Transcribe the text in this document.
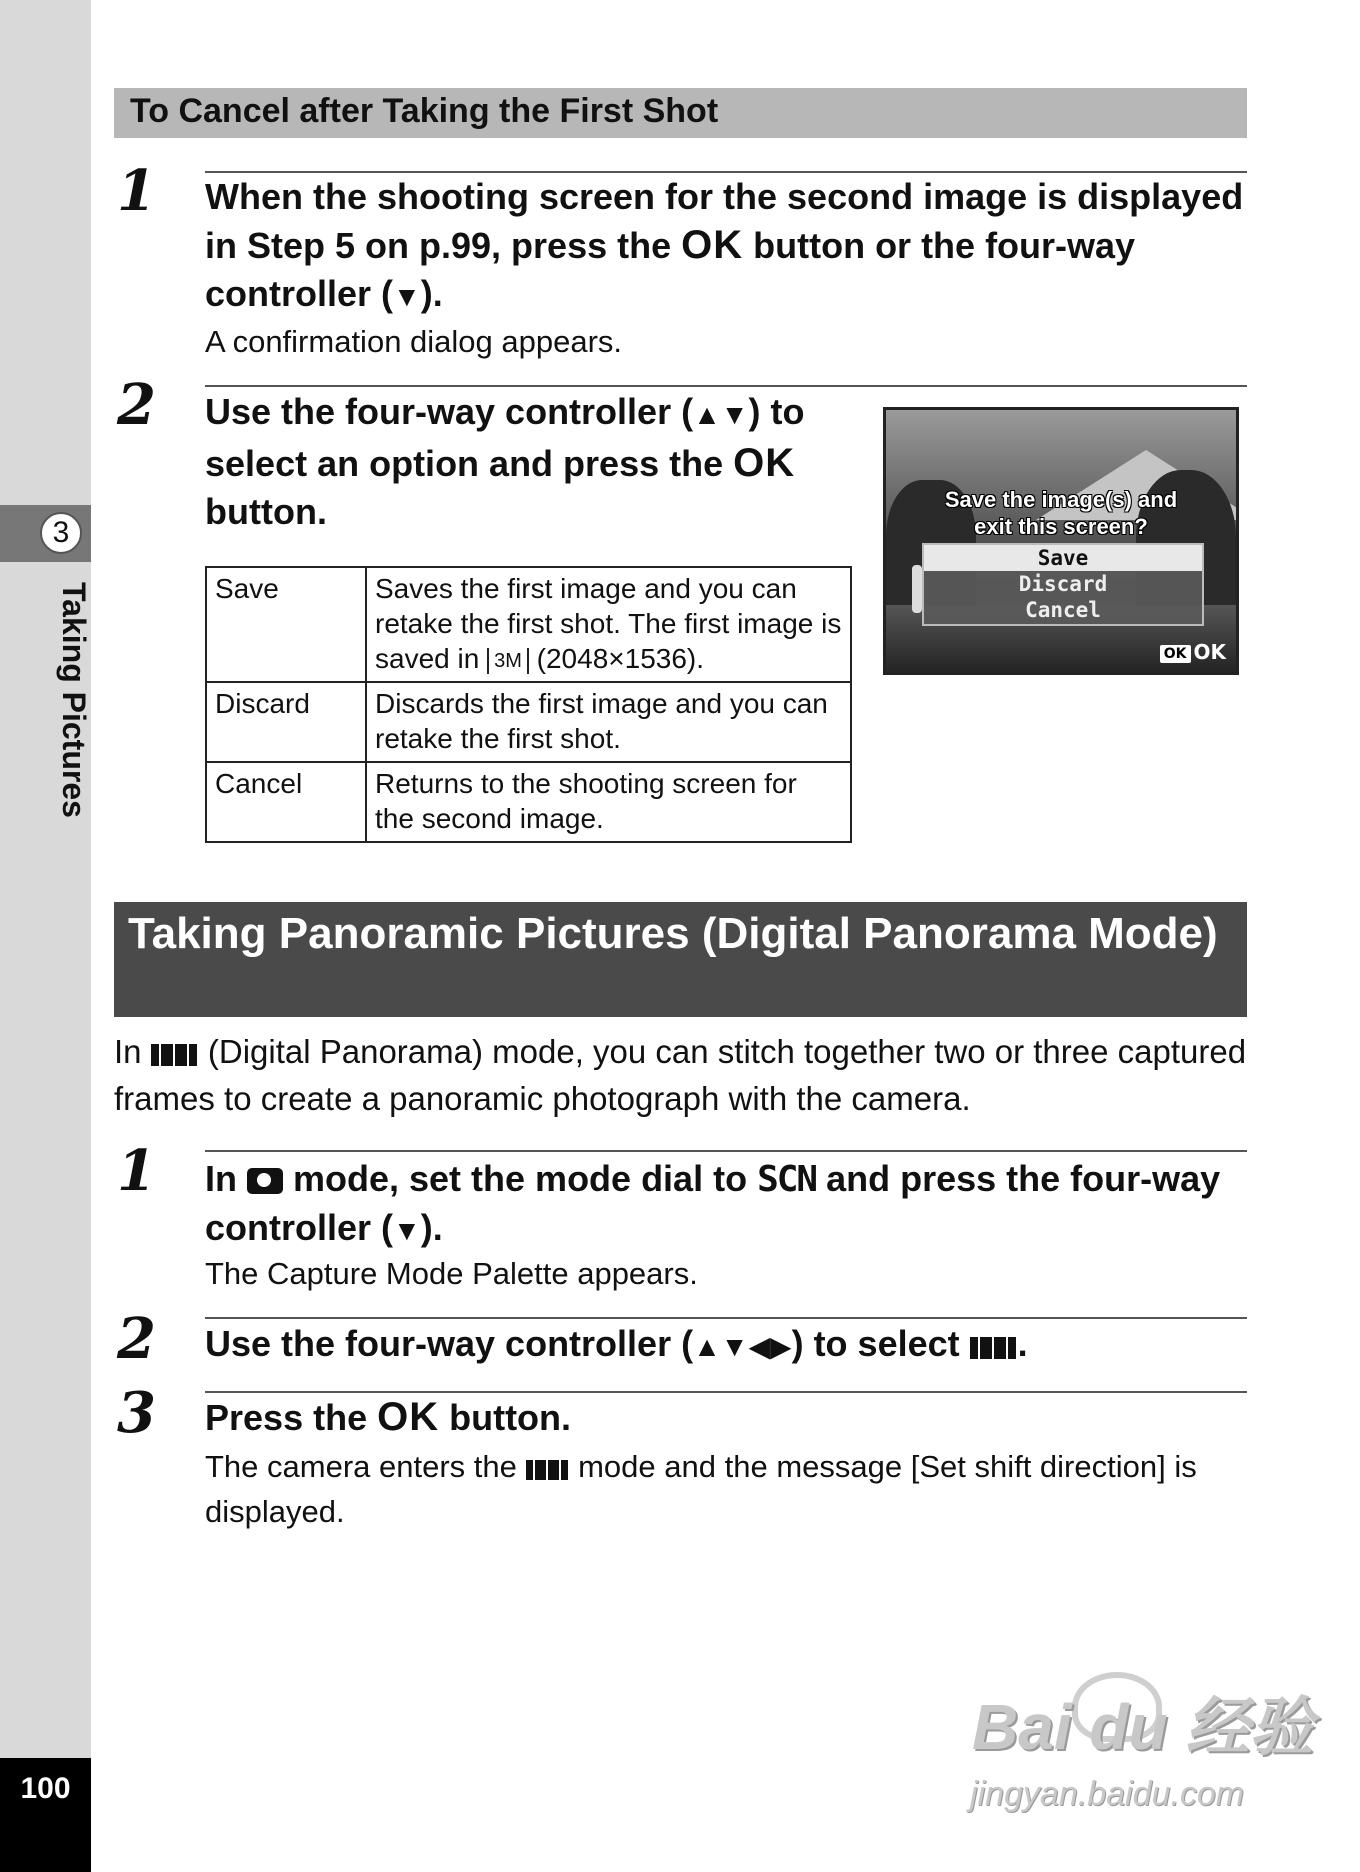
3
Taking Pictures
100
To Cancel after Taking the First Shot
1 When the shooting screen for the second image is displayed in Step 5 on p.99, press the OK button or the four-way controller (▼).
A confirmation dialog appears.
2 Use the four-way controller (▲▼) to select an option and press the OK button.
Save	Saves the first image and you can retake the first shot. The first image is saved in 3M (2048×1536).
Discard	Discards the first image and you can retake the first shot.
Cancel	Returns to the shooting screen for the second image.
Save the image(s) and
exit this screen?
Save
Discard
Cancel
OK OK
Taking Panoramic Pictures (Digital Panorama Mode)
In  (Digital Panorama) mode, you can stitch together two or three captured frames to create a panoramic photograph with the camera.
1 In  mode, set the mode dial to SCN and press the four-way controller (▼).
The Capture Mode Palette appears.
2 Use the four-way controller (▲▼◀▶) to select .
3 Press the OK button.
The camera enters the  mode and the message [Set shift direction] is displayed.
Bai du 经验
jingyan.baidu.com
